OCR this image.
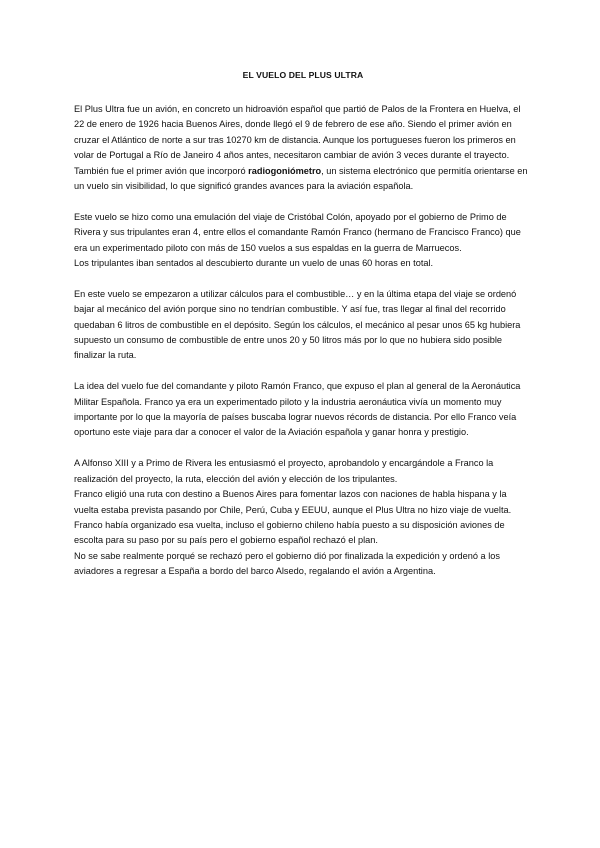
EL VUELO DEL PLUS ULTRA
El Plus Ultra fue un avión, en concreto un hidroavión español que partió de Palos de la Frontera en Huelva, el 22 de enero de 1926 hacia Buenos Aires, donde llegó el 9 de febrero de ese año. Siendo el primer avión en cruzar el Atlántico de norte a sur tras 10270 km de distancia. Aunque los portugueses fueron los primeros en volar de Portugal a Río de Janeiro 4 años antes, necesitaron cambiar de avión 3 veces durante el trayecto.
También fue el primer avión que incorporó radiogoniómetro, un sistema electrónico que permitía orientarse en un vuelo sin visibilidad, lo que significó grandes avances para la aviación española.
Este vuelo se hizo como una emulación del viaje de Cristóbal Colón, apoyado por el gobierno de Primo de Rivera y sus tripulantes eran 4, entre ellos el comandante Ramón Franco (hermano de Francisco Franco) que era un experimentado piloto con más de 150 vuelos a sus espaldas en la guerra de Marruecos.
Los tripulantes iban sentados al descubierto durante un vuelo de unas 60 horas en total.
En este vuelo se empezaron a utilizar cálculos para el combustible… y en la última etapa del viaje se ordenó bajar al mecánico del avión porque sino no tendrían combustible. Y así fue, tras llegar al final del recorrido quedaban 6 litros de combustible en el depósito. Según los cálculos, el mecánico al pesar unos 65 kg hubiera supuesto un consumo de combustible de entre unos 20 y 50 litros más por lo que no hubiera sido posible finalizar la ruta.
La idea del vuelo fue del comandante y piloto Ramón Franco, que expuso el plan al general de la Aeronáutica Militar Española. Franco ya era un experimentado piloto y la industria aeronáutica vivía un momento muy importante por lo que la mayoría de países buscaba lograr nuevos récords de distancia. Por ello Franco veía oportuno este viaje para dar a conocer el valor de la Aviación española y ganar honra y prestigio.
A Alfonso XIII y a Primo de Rivera les entusiasmó el proyecto, aprobandolo y encargándole a Franco la realización del proyecto, la ruta, elección del avión y elección de los tripulantes.
Franco eligió una ruta con destino a Buenos Aires para fomentar lazos con naciones de habla hispana y la vuelta estaba prevista pasando por Chile, Perú, Cuba y EEUU, aunque el Plus Ultra no hizo viaje de vuelta. Franco había organizado esa vuelta, incluso el gobierno chileno había puesto a su disposición aviones de escolta para su paso por su país pero el gobierno español rechazó el plan.
No se sabe realmente porqué se rechazó pero el gobierno dió por finalizada la expedición y ordenó a los aviadores a regresar a España a bordo del barco Alsedo, regalando el avión a Argentina.
